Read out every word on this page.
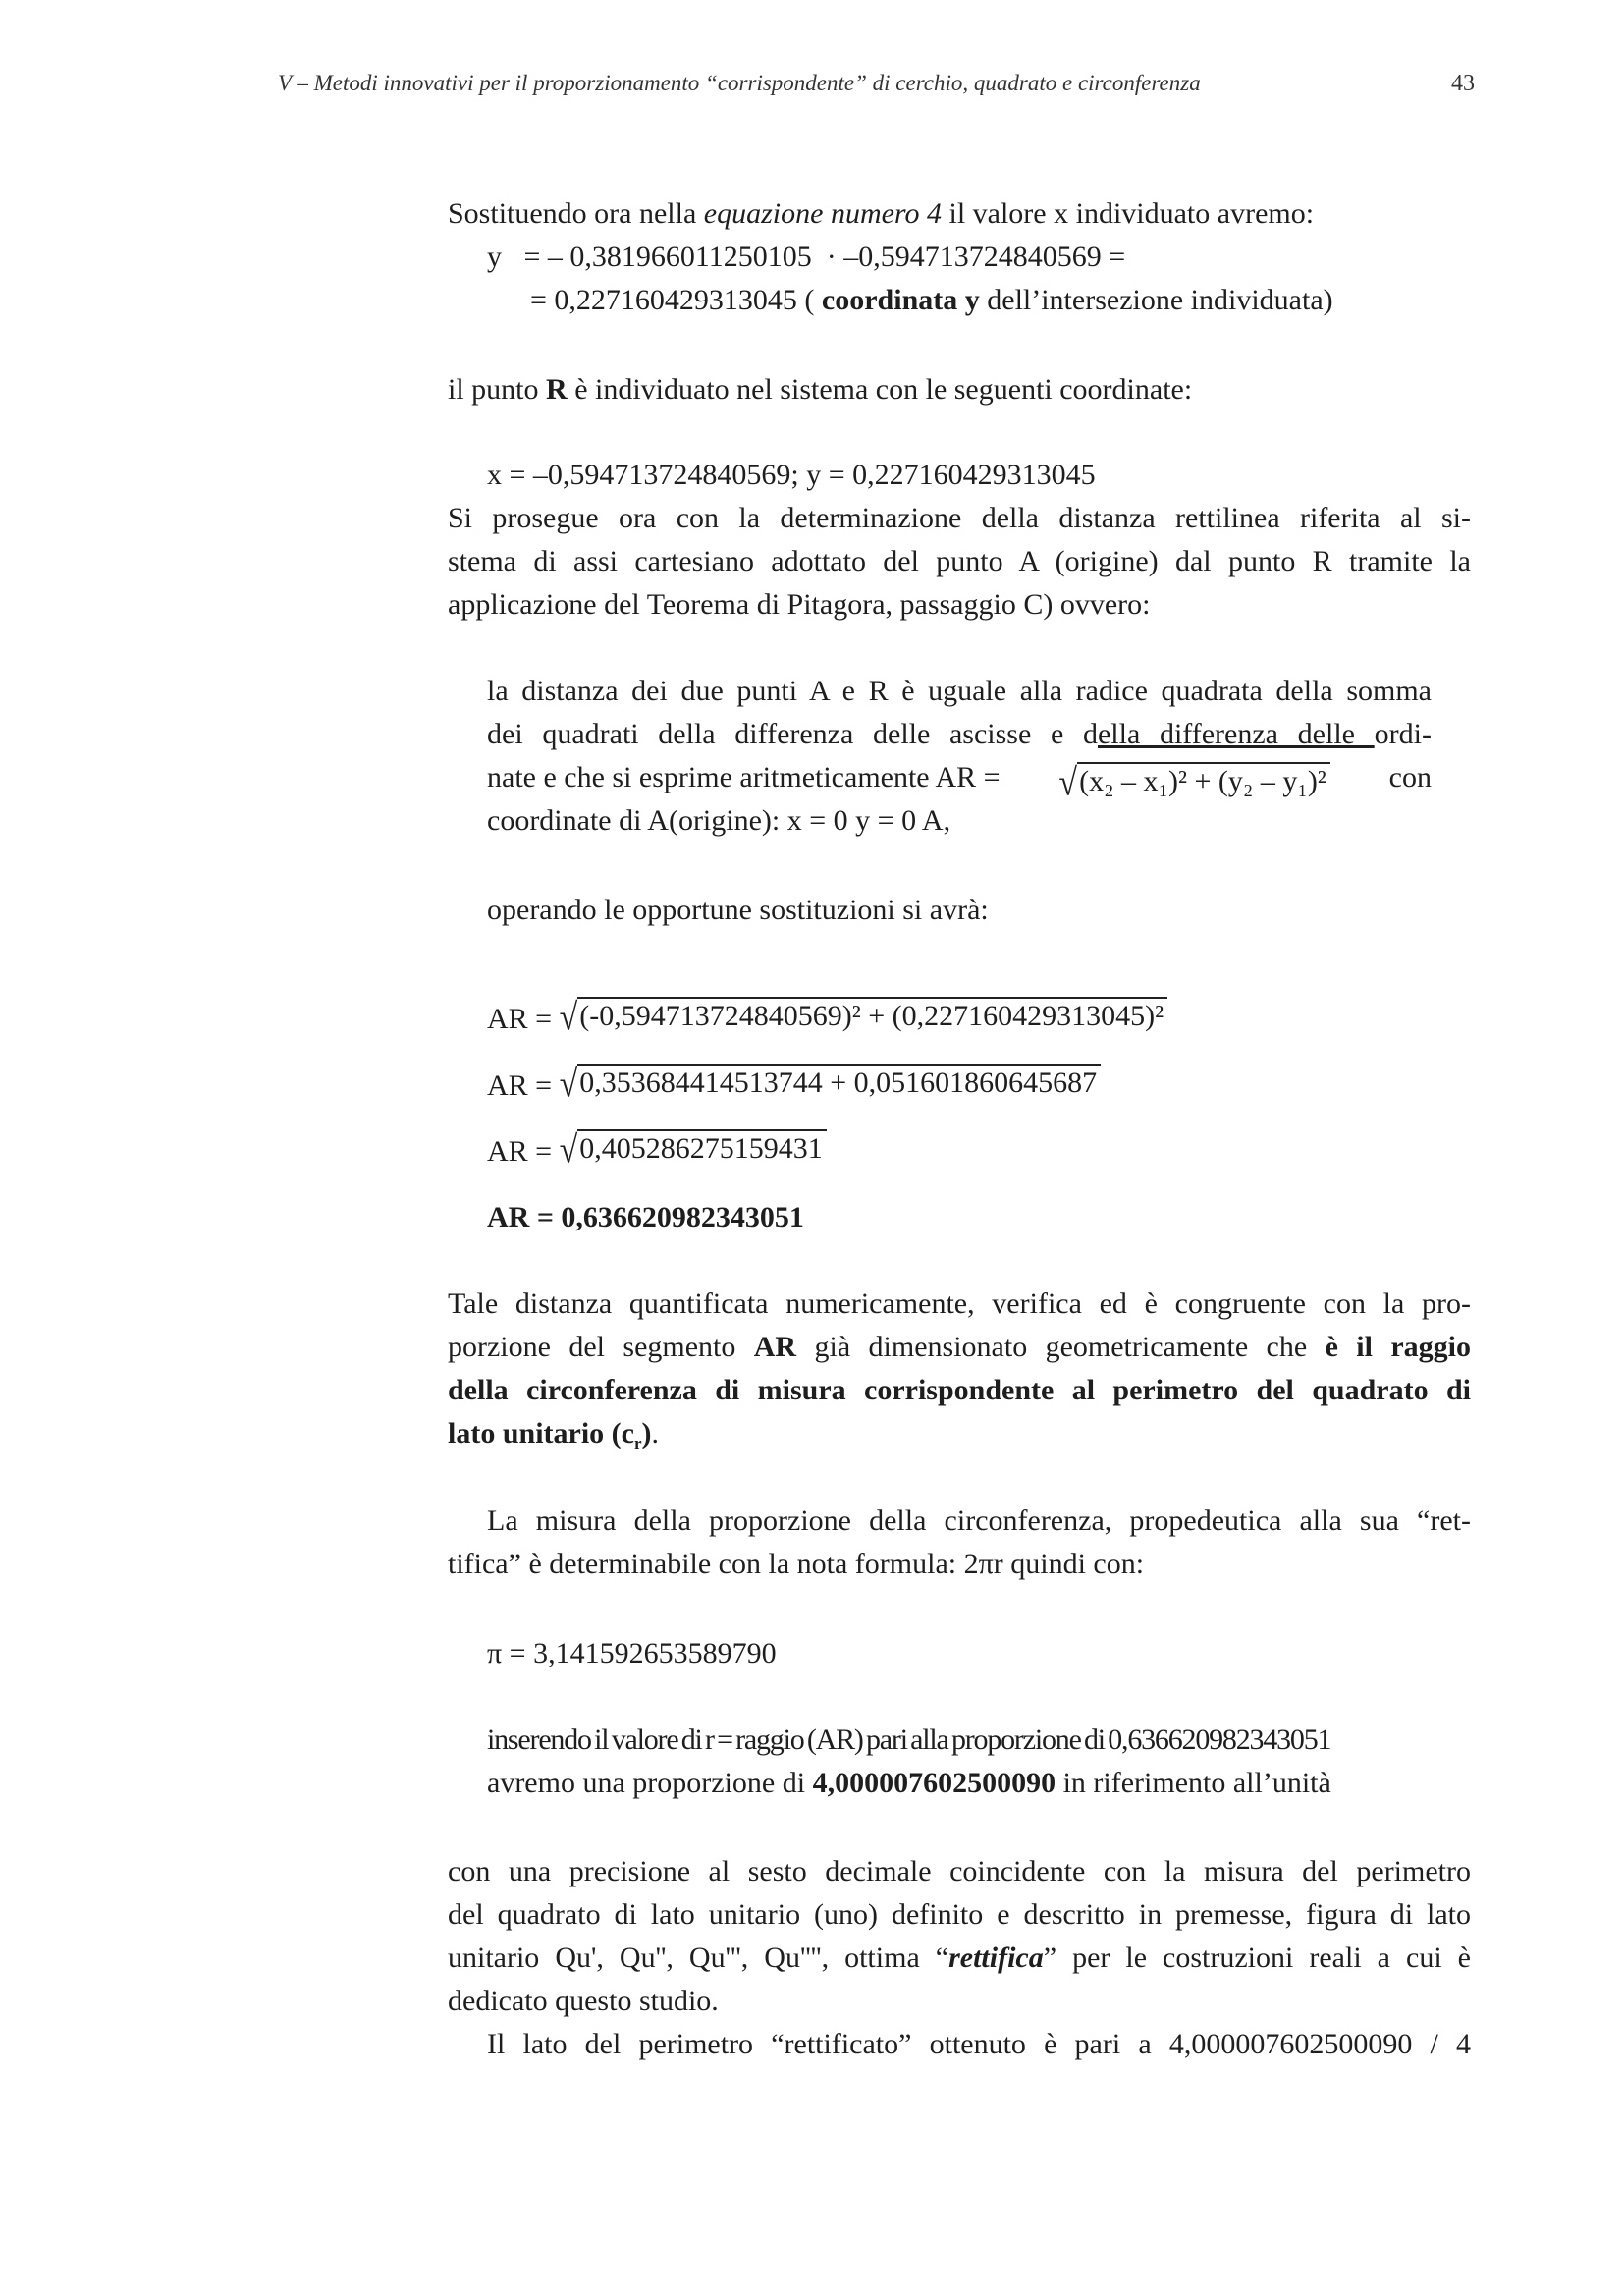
V – Metodi innovativi per il proporzionamento “corrispondente” di cerchio, quadrato e circonferenza	43
Sostituendo ora nella equazione numero 4 il valore x individuato avremo:
y   = – 0,381966011250105  · –0,594713724840569 =
= 0,227160429313045 ( coordinata y dell’intersezione individuata)
il punto R è individuato nel sistema con le seguenti coordinate:
x = –0,594713724840569; y = 0,227160429313045
Si prosegue ora con la determinazione della distanza rettilinea riferita al si-
stema di assi cartesiano adottato del punto A (origine) dal punto R tramite la
applicazione del Teorema di Pitagora, passaggio C) ovvero:
la distanza dei due punti A e R è uguale alla radice quadrata della somma
dei quadrati della differenza delle ascisse e della differenza delle ordi-
nate e che si esprime aritmeticamente AR = √ (x₂ – x₁)² + (y₂ – y₁)² con
coordinate di A(origine): x = 0 y = 0 A,
operando le opportune sostituzioni si avrà:
AR = √ (-0,594713724840569)² + (0,227160429313045)²
AR = √ 0,353684414513744 + 0,051601860645687
AR = √ 0,405286275159431
AR = 0,636620982343051
Tale distanza quantificata numericamente, verifica ed è congruente con la pro-
porzione del segmento AR già dimensionato geometricamente che è il raggio
della circonferenza di misura corrispondente al perimetro del quadrato di
lato unitario $(c_r)$.
La misura della proporzione della circonferenza, propedeutica alla sua “ret-
tifica” è determinabile con la nota formula: 2πr quindi con:
π = 3,141592653589790
inserendo il valore di r = raggio (AR) pari alla proporzione di 0,636620982343051
avremo una proporzione di 4,000007602500090 in riferimento all’unità
con una precisione al sesto decimale coincidente con la misura del perimetro
del quadrato di lato unitario (uno) definito e descritto in premesse, figura di lato
unitario Qu', Qu'', Qu''', Qu'''', ottima “rettifica” per le costruzioni reali a cui è
dedicato questo studio.
Il lato del perimetro “rettificato” ottenuto è pari a 4,000007602500090 / 4
